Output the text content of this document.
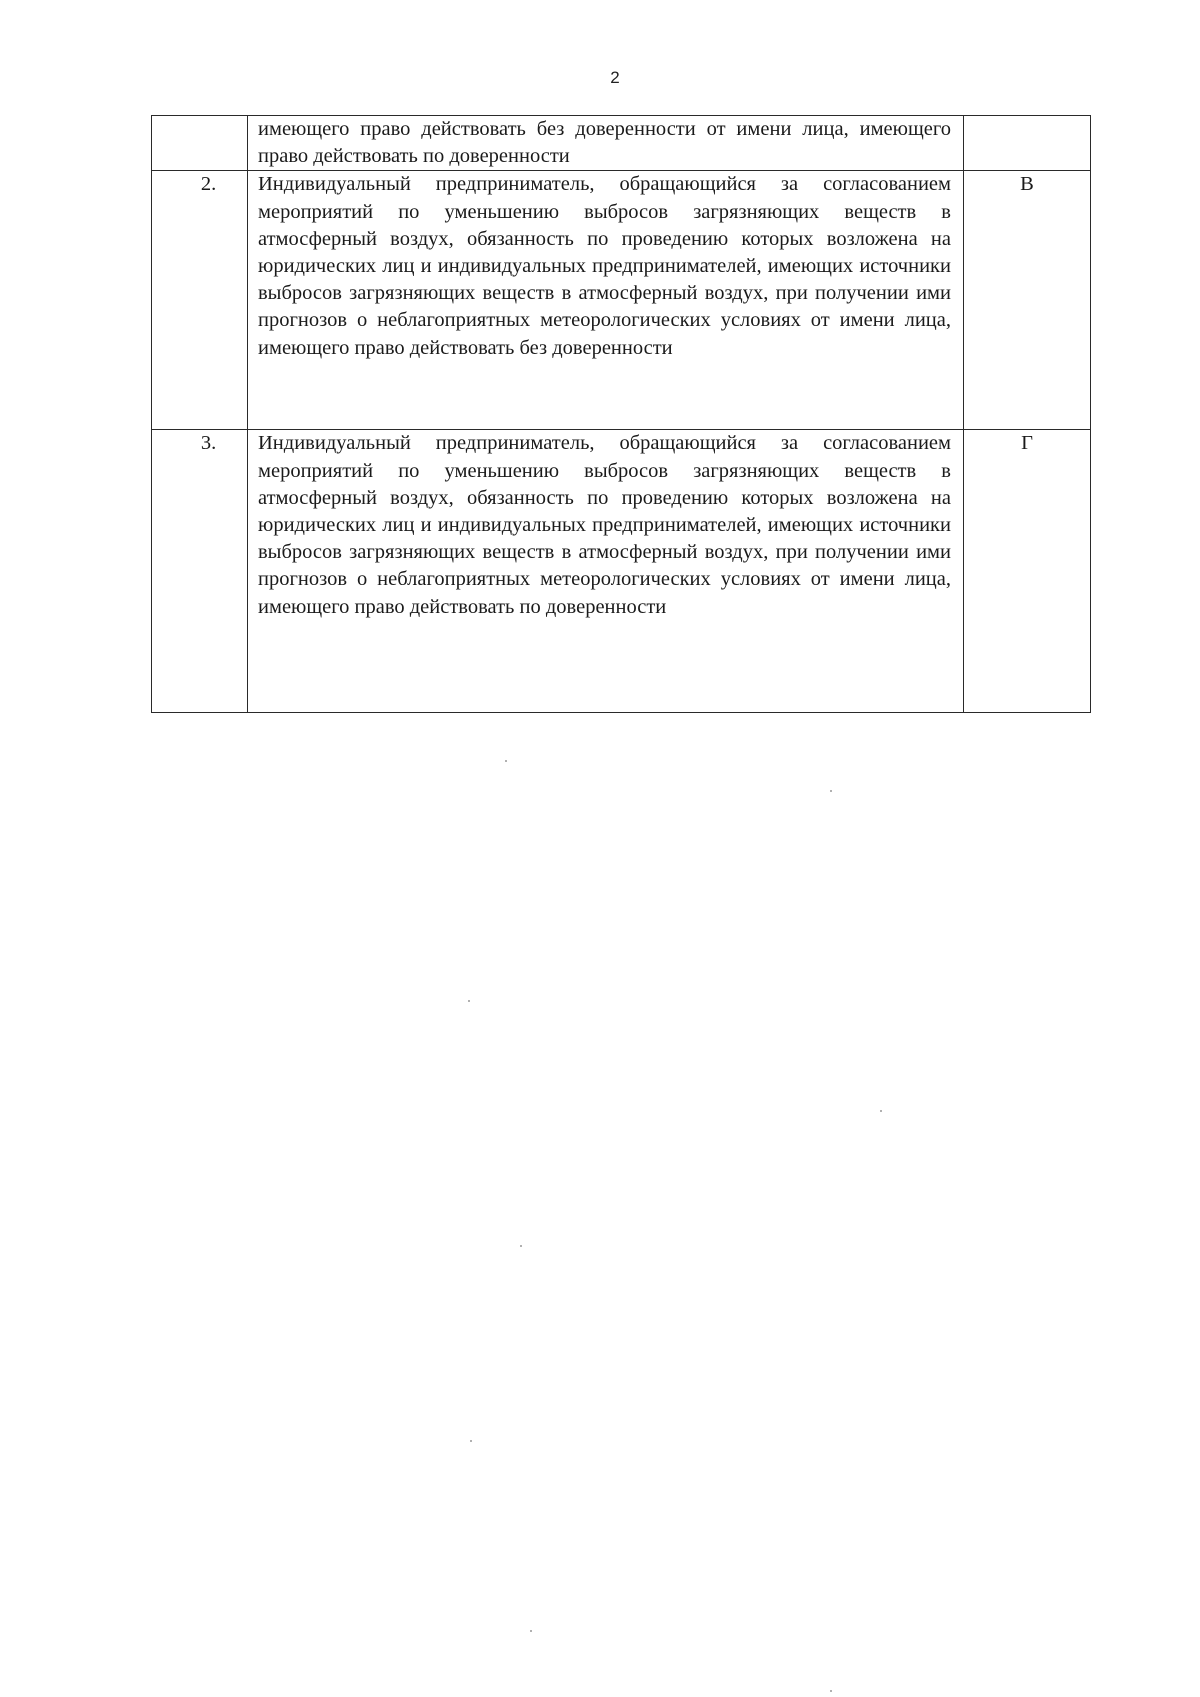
2
	имеющего право действовать без доверенности от имени лица, имеющего право действовать по доверенности	
2.	Индивидуальный предприниматель, обращающийся за согласованием мероприятий по уменьшению выбросов загрязняющих веществ в атмосферный воздух, обязанность по проведению которых возложена на юридических лиц и индивидуальных предпринимателей, имеющих источники выбросов загрязняющих веществ в атмосферный воздух, при получении ими прогнозов о неблагоприятных метеорологических условиях от имени лица, имеющего право действовать без доверенности	В
3.	Индивидуальный предприниматель, обращающийся за согласованием мероприятий по уменьшению выбросов загрязняющих веществ в атмосферный воздух, обязанность по проведению которых возложена на юридических лиц и индивидуальных предпринимателей, имеющих источники выбросов загрязняющих веществ в атмосферный воздух, при получении ими прогнозов о неблагоприятных метеорологических условиях от имени лица, имеющего право действовать по доверенности	Г
